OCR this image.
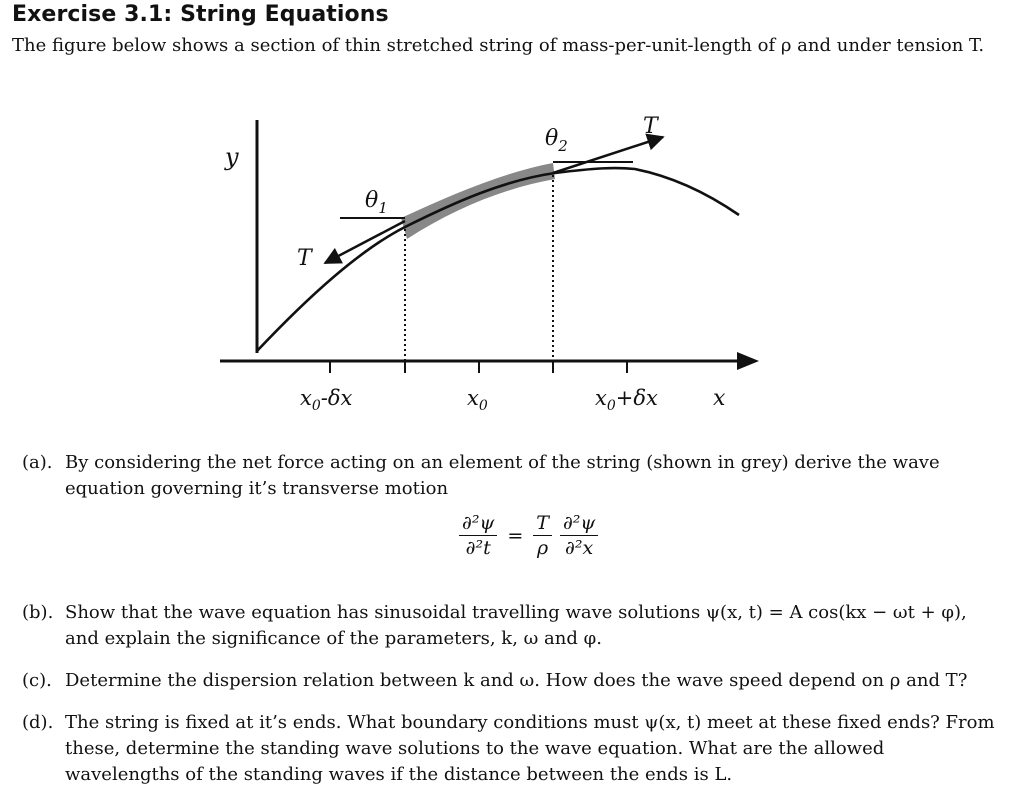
Exercise 3.1: String Equations
The figure below shows a section of thin stretched string of mass-per-unit-length of ρ and under tension T.
y
$\theta_1$
$\theta_2$
T
T
$x_0-\delta x$	$x_0$	$x_0+\delta x$	x
(a). By considering the net force acting on an element of the string (shown in grey) derive the wave equation governing it’s transverse motion
$\frac{\text{∂²ψ}}{\text{∂²t}} = \frac{T}{\rho} \frac{\text{∂²ψ}}{\text{∂²x}}$
(b). Show that the wave equation has sinusoidal travelling wave solutions ψ(x, t) = A cos(kx − ωt + φ), and explain the significance of the parameters, k, ω and φ.
(c). Determine the dispersion relation between k and ω. How does the wave speed depend on ρ and T?
(d). The string is fixed at it’s ends. What boundary conditions must ψ(x, t) meet at these fixed ends? From these, determine the standing wave solutions to the wave equation. What are the allowed wavelengths of the standing waves if the distance between the ends is L.
